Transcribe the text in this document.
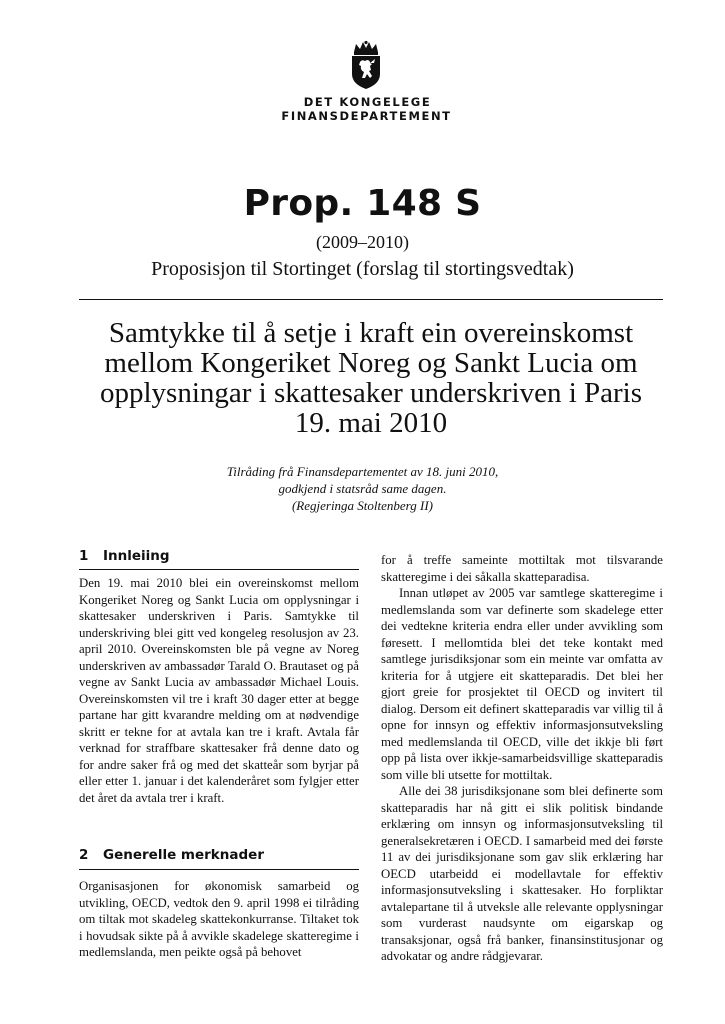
DET KONGELEGE
FINANSDEPARTEMENT
Prop. 148 S
(2009–2010)
Proposisjon til Stortinget (forslag til stortingsvedtak)
Samtykke til å setje i kraft ein overeinskomst mellom Kongeriket Noreg og Sankt Lucia om opplysningar i skattesaker underskriven i Paris 19. mai 2010
Tilråding frå Finansdepartementet av 18. juni 2010,
godkjend i statsråd same dagen.
(Regjeringa Stoltenberg II)
1 Innleiing
Den 19. mai 2010 blei ein overeinskomst mellom Kongeriket Noreg og Sankt Lucia om opplysningar i skattesaker underskriven i Paris. Samtykke til underskriving blei gitt ved kongeleg resolusjon av 23. april 2010. Overeinskomsten ble på vegne av Noreg underskriven av ambassadør Tarald O. Brautaset og på vegne av Sankt Lucia av ambassadør Michael Louis. Overeinskomsten vil tre i kraft 30 dager etter at begge partane har gitt kvarandre melding om at nødvendige skritt er tekne for at avtala kan tre i kraft. Avtala får verknad for straffbare skattesaker frå denne dato og for andre saker frå og med det skatteår som byrjar på eller etter 1. januar i det kalenderåret som fylgjer etter det året da avtala trer i kraft.
2 Generelle merknader
Organisasjonen for økonomisk samarbeid og utvikling, OECD, vedtok den 9. april 1998 ei tilråding om tiltak mot skadeleg skattekonkurranse. Tiltaket tok i hovudsak sikte på å avvikle skadelege skatteregime i medlemslanda, men peikte også på behovet

for å treffe sameinte mottiltak mot tilsvarande skatteregime i dei såkalla skatteparadisa.

Innan utløpet av 2005 var samtlege skatteregime i medlemslanda som var definerte som skadelege etter dei vedtekne kriteria endra eller under avvikling som føresett. I mellomtida blei det teke kontakt med samtlege jurisdiksjonar som ein meinte var omfatta av kriteria for å utgjere eit skatteparadis. Det blei her gjort greie for prosjektet til OECD og invitert til dialog. Dersom eit definert skatteparadis var villig til å opne for innsyn og effektiv informasjonsutveksling med medlemslanda til OECD, ville det ikkje bli ført opp på lista over ikkje-samarbeidsvillige skatteparadis som ville bli utsette for mottiltak.

Alle dei 38 jurisdiksjonane som blei definerte som skatteparadis har nå gitt ei slik politisk bindande erklæring om innsyn og informasjonsutveksling til generalsekretæren i OECD. I samarbeid med dei første 11 av dei jurisdiksjonane som gav slik erklæring har OECD utarbeidd ei modellavtale for effektiv informasjonsutveksling i skattesaker. Ho forpliktar avtalepartane til å utveksle alle relevante opplysningar som vurderast naudsynte om eigarskap og transaksjonar, også frå banker, finansinstitusjonar og advokatar og andre rådgjevarar.
